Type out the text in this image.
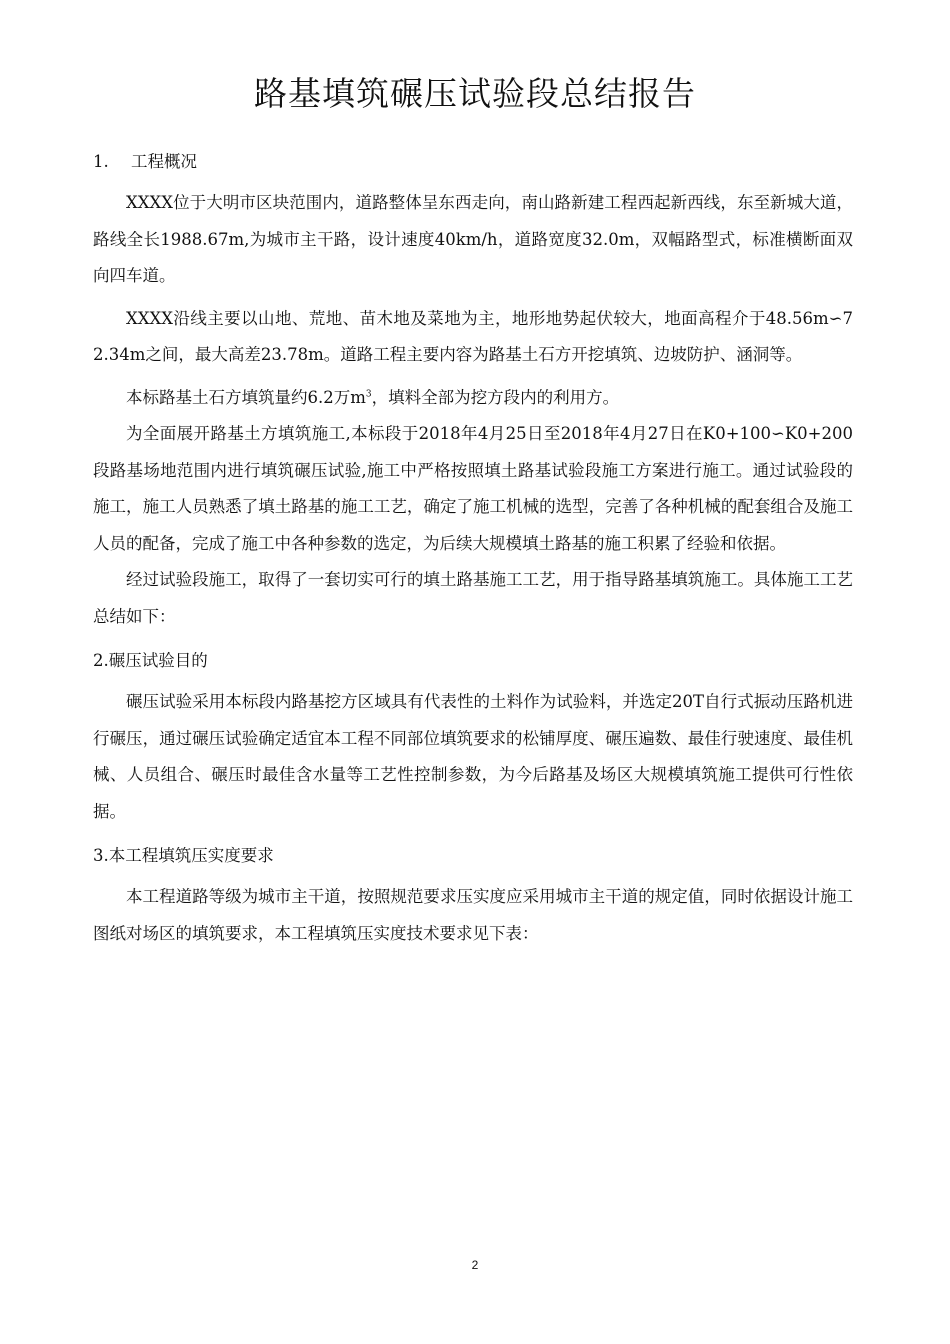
路基填筑碾压试验段总结报告
1. 工程概况

XXXX位于大明市区块范围内，道路整体呈东西走向，南山路新建工程西起新西线，东至新城大道，路线全长1988.67m,为城市主干路，设计速度40km/h，道路宽度32.0m，双幅路型式，标准横断面双向四车道。

XXXX沿线主要以山地、荒地、苗木地及菜地为主，地形地势起伏较大，地面高程介于48.56m∽72.34m之间，最大高差23.78m。道路工程主要内容为路基土石方开挖填筑、边坡防护、涵洞等。

本标路基土石方填筑量约6.2万$m^3$，填料全部为挖方段内的利用方。

为全面展开路基土方填筑施工,本标段于2018年4月25日至2018年4月27日在K0+100∽K0+200段路基场地范围内进行填筑碾压试验,施工中严格按照填土路基试验段施工方案进行施工。通过试验段的施工，施工人员熟悉了填土路基的施工工艺，确定了施工机械的选型，完善了各种机械的配套组合及施工人员的配备，完成了施工中各种参数的选定，为后续大规模填土路基的施工积累了经验和依据。

经过试验段施工，取得了一套切实可行的填土路基施工工艺，用于指导路基填筑施工。具体施工工艺总结如下：

2.碾压试验目的

碾压试验采用本标段内路基挖方区域具有代表性的土料作为试验料，并选定20T自行式振动压路机进行碾压，通过碾压试验确定适宜本工程不同部位填筑要求的松铺厚度、碾压遍数、最佳行驶速度、最佳机械、人员组合、碾压时最佳含水量等工艺性控制参数，为今后路基及场区大规模填筑施工提供可行性依据。

3.本工程填筑压实度要求

本工程道路等级为城市主干道，按照规范要求压实度应采用城市主干道的规定值，同时依据设计施工图纸对场区的填筑要求，本工程填筑压实度技术要求见下表：

2
